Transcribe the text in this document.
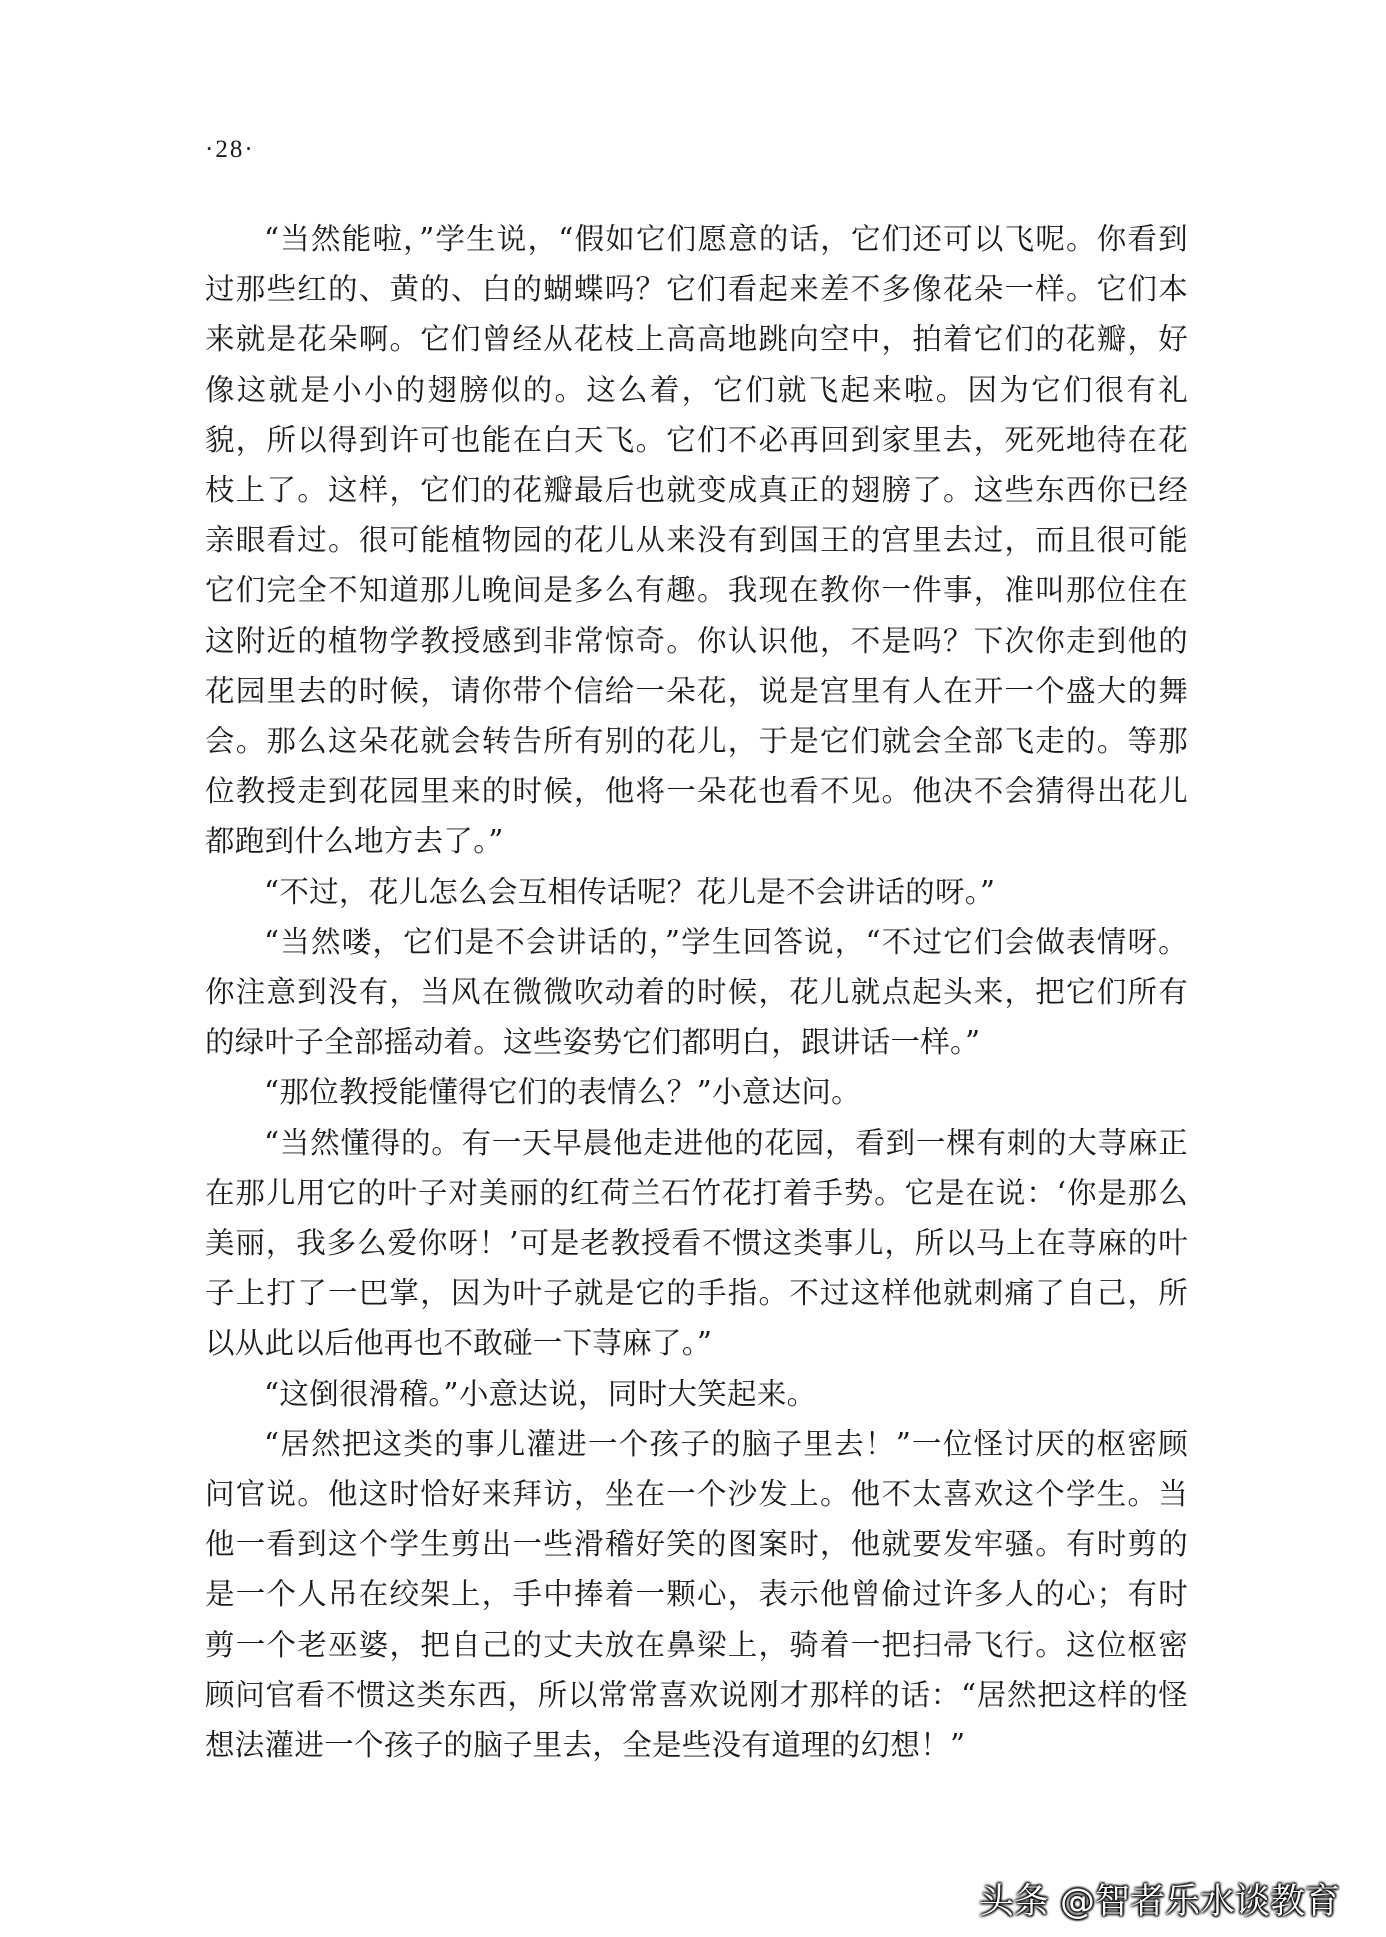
·28·

“当然能啦，”学生说，“假如它们愿意的话，它们还可以飞呢。你看到过那些红的、黄的、白的蝴蝶吗？它们看起来差不多像花朵一样。它们本来就是花朵啊。它们曾经从花枝上高高地跳向空中，拍着它们的花瓣，好像这就是小小的翅膀似的。这么着，它们就飞起来啦。因为它们很有礼貌，所以得到许可也能在白天飞。它们不必再回到家里去，死死地待在花枝上了。这样，它们的花瓣最后也就变成真正的翅膀了。这些东西你已经亲眼看过。很可能植物园的花儿从来没有到国王的宫里去过，而且很可能它们完全不知道那儿晚间是多么有趣。我现在教你一件事，准叫那位住在这附近的植物学教授感到非常惊奇。你认识他，不是吗？下次你走到他的花园里去的时候，请你带个信给一朵花，说是宫里有人在开一个盛大的舞会。那么这朵花就会转告所有别的花儿，于是它们就会全部飞走的。等那位教授走到花园里来的时候，他将一朵花也看不见。他决不会猜得出花儿都跑到什么地方去了。”

“不过，花儿怎么会互相传话呢？花儿是不会讲话的呀。”

“当然喽，它们是不会讲话的，”学生回答说，“不过它们会做表情呀。你注意到没有，当风在微微吹动着的时候，花儿就点起头来，把它们所有的绿叶子全部摇动着。这些姿势它们都明白，跟讲话一样。”

“那位教授能懂得它们的表情么？”小意达问。

“当然懂得的。有一天早晨他走进他的花园，看到一棵有刺的大荨麻正在那儿用它的叶子对美丽的红荷兰石竹花打着手势。它是在说：‘你是那么美丽，我多么爱你呀！’可是老教授看不惯这类事儿，所以马上在荨麻的叶子上打了一巴掌，因为叶子就是它的手指。不过这样他就刺痛了自己，所以从此以后他再也不敢碰一下荨麻了。”

“这倒很滑稽。”小意达说，同时大笑起来。

“居然把这类的事儿灌进一个孩子的脑子里去！”一位怪讨厌的枢密顾问官说。他这时恰好来拜访，坐在一个沙发上。他不太喜欢这个学生。当他一看到这个学生剪出一些滑稽好笑的图案时，他就要发牢骚。有时剪的是一个人吊在绞架上，手中捧着一颗心，表示他曾偷过许多人的心；有时剪一个老巫婆，把自己的丈夫放在鼻梁上，骑着一把扫帚飞行。这位枢密顾问官看不惯这类东西，所以常常喜欢说刚才那样的话：“居然把这样的怪想法灌进一个孩子的脑子里去，全是些没有道理的幻想！”

头条 @智者乐水谈教育
